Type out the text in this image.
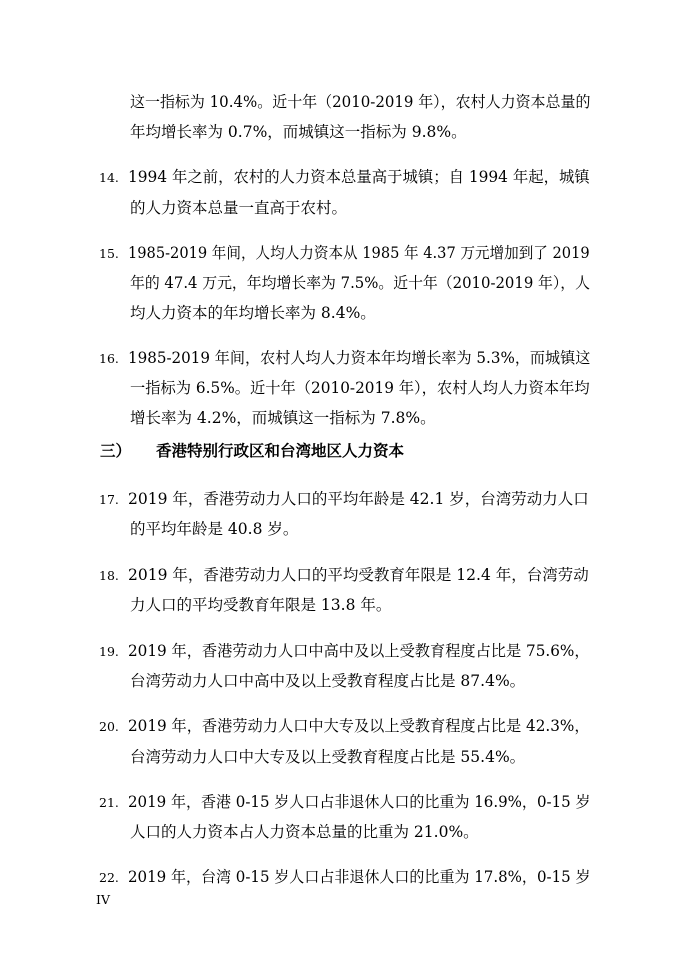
这一指标为 10.4%。近十年（2010-2019 年），农村人力资本总量的
年均增长率为 0.7%，而城镇这一指标为 9.8%。
14. 1994 年之前，农村的人力资本总量高于城镇；自 1994 年起，城镇
的人力资本总量一直高于农村。
15. 1985-2019 年间，人均人力资本从 1985 年 4.37 万元增加到了 2019
年的 47.4 万元，年均增长率为 7.5%。近十年（2010-2019 年），人
均人力资本的年均增长率为 8.4%。
16. 1985-2019 年间，农村人均人力资本年均增长率为 5.3%，而城镇这
一指标为 6.5%。近十年（2010-2019 年），农村人均人力资本年均
增长率为 4.2%，而城镇这一指标为 7.8%。
三） 香港特别行政区和台湾地区人力资本
17. 2019 年，香港劳动力人口的平均年龄是 42.1 岁，台湾劳动力人口
的平均年龄是 40.8 岁。
18. 2019 年，香港劳动力人口的平均受教育年限是 12.4 年，台湾劳动
力人口的平均受教育年限是 13.8 年。
19. 2019 年，香港劳动力人口中高中及以上受教育程度占比是 75.6%，
台湾劳动力人口中高中及以上受教育程度占比是 87.4%。
20. 2019 年，香港劳动力人口中大专及以上受教育程度占比是 42.3%，
台湾劳动力人口中大专及以上受教育程度占比是 55.4%。
21. 2019 年，香港 0-15 岁人口占非退休人口的比重为 16.9%，0-15 岁
人口的人力资本占人力资本总量的比重为 21.0%。
22. 2019 年，台湾 0-15 岁人口占非退休人口的比重为 17.8%，0-15 岁
IV
